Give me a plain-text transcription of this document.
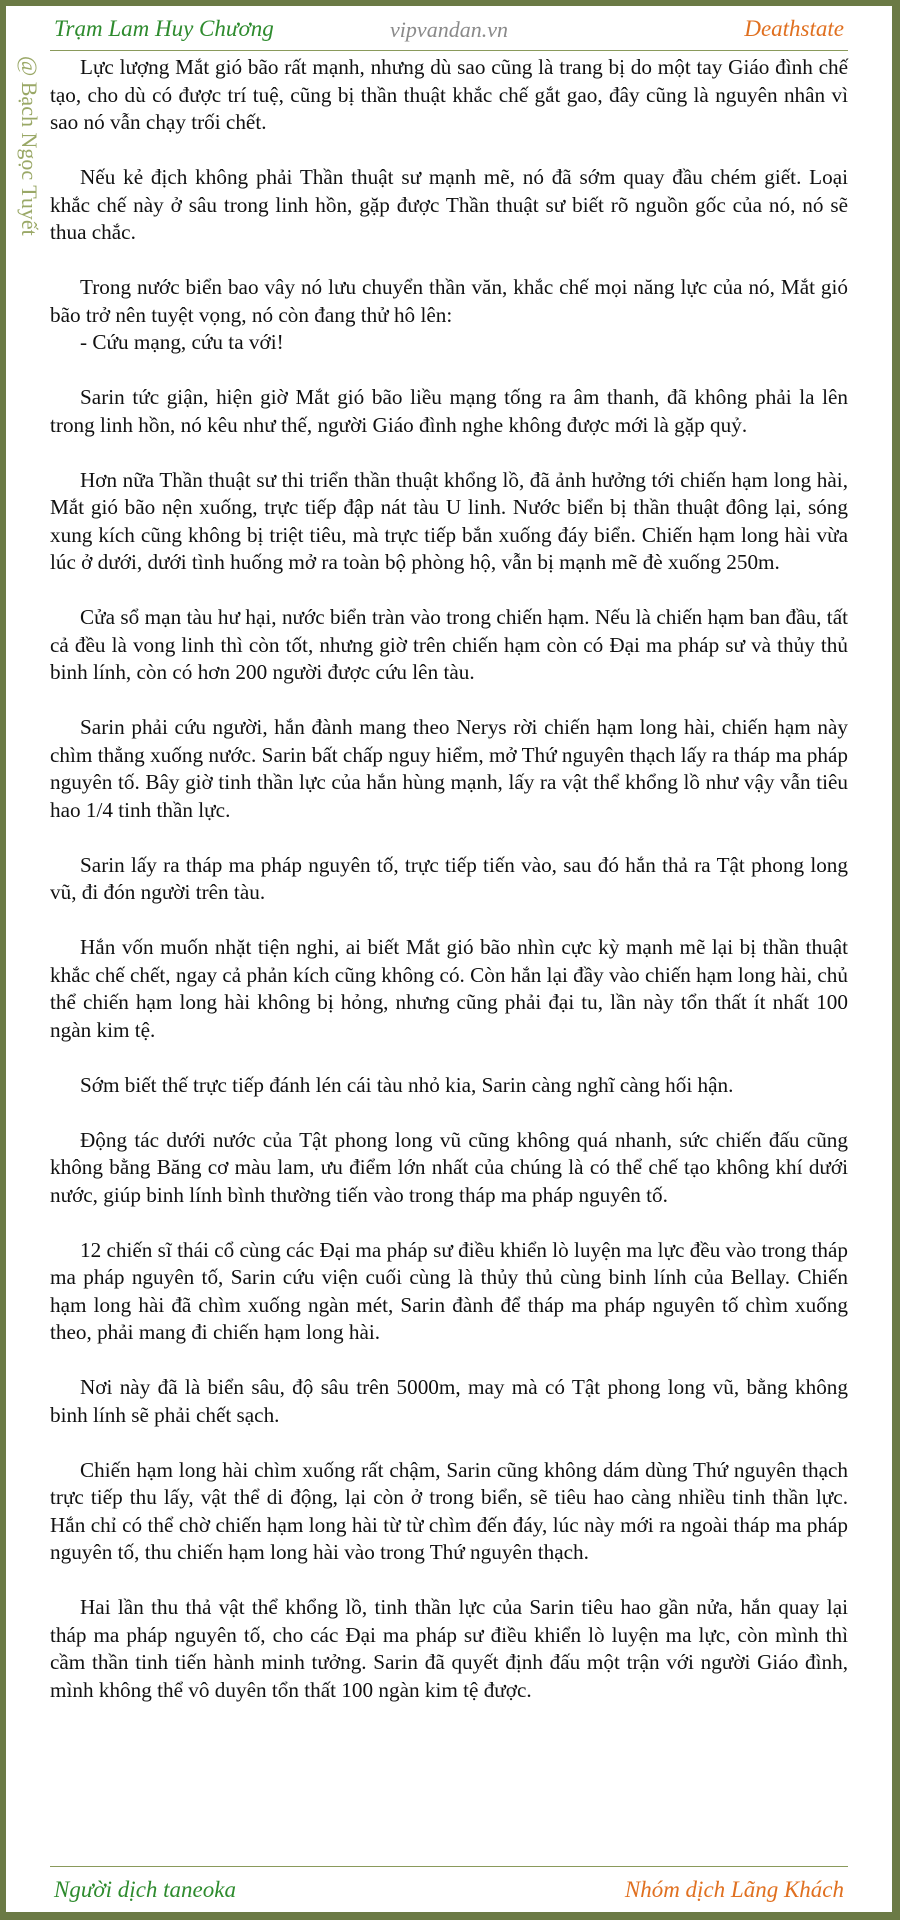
Trạm Lam Huy Chương	vipvandan.vn	Deathstate
@ Bạch Ngọc Tuyết	Lực lượng Mắt gió bão rất mạnh, nhưng dù sao cũng là trang bị do một tay Giáo đình chế tạo, cho dù có được trí tuệ, cũng bị thần thuật khắc chế gắt gao, đây cũng là nguyên nhân vì sao nó vẫn chạy trối chết.

Nếu kẻ địch không phải Thần thuật sư mạnh mẽ, nó đã sớm quay đầu chém giết. Loại khắc chế này ở sâu trong linh hồn, gặp được Thần thuật sư biết rõ nguồn gốc của nó, nó sẽ thua chắc.

Trong nước biển bao vây nó lưu chuyển thần văn, khắc chế mọi năng lực của nó, Mắt gió bão trở nên tuyệt vọng, nó còn đang thử hô lên:

- Cứu mạng, cứu ta với!

Sarin tức giận, hiện giờ Mắt gió bão liều mạng tống ra âm thanh, đã không phải la lên trong linh hồn, nó kêu như thế, người Giáo đình nghe không được mới là gặp quỷ.

Hơn nữa Thần thuật sư thi triển thần thuật khổng lồ, đã ảnh hưởng tới chiến hạm long hài, Mắt gió bão nện xuống, trực tiếp đập nát tàu U linh. Nước biển bị thần thuật đông lại, sóng xung kích cũng không bị triệt tiêu, mà trực tiếp bắn xuống đáy biển. Chiến hạm long hài vừa lúc ở dưới, dưới tình huống mở ra toàn bộ phòng hộ, vẫn bị mạnh mẽ đè xuống 250m.

Cửa sổ mạn tàu hư hại, nước biển tràn vào trong chiến hạm. Nếu là chiến hạm ban đầu, tất cả đều là vong linh thì còn tốt, nhưng giờ trên chiến hạm còn có Đại ma pháp sư và thủy thủ binh lính, còn có hơn 200 người được cứu lên tàu.

Sarin phải cứu người, hắn đành mang theo Nerys rời chiến hạm long hài, chiến hạm này chìm thẳng xuống nước. Sarin bất chấp nguy hiểm, mở Thứ nguyên thạch lấy ra tháp ma pháp nguyên tố. Bây giờ tinh thần lực của hắn hùng mạnh, lấy ra vật thể khổng lồ như vậy vẫn tiêu hao 1/4 tinh thần lực.

Sarin lấy ra tháp ma pháp nguyên tố, trực tiếp tiến vào, sau đó hắn thả ra Tật phong long vũ, đi đón người trên tàu.

Hắn vốn muốn nhặt tiện nghi, ai biết Mắt gió bão nhìn cực kỳ mạnh mẽ lại bị thần thuật khắc chế chết, ngay cả phản kích cũng không có. Còn hắn lại đầy vào chiến hạm long hài, chủ thể chiến hạm long hài không bị hỏng, nhưng cũng phải đại tu, lần này tổn thất ít nhất 100 ngàn kim tệ.

Sớm biết thế trực tiếp đánh lén cái tàu nhỏ kia, Sarin càng nghĩ càng hối hận.

Động tác dưới nước của Tật phong long vũ cũng không quá nhanh, sức chiến đấu cũng không bằng Băng cơ màu lam, ưu điểm lớn nhất của chúng là có thể chế tạo không khí dưới nước, giúp binh lính bình thường tiến vào trong tháp ma pháp nguyên tố.

12 chiến sĩ thái cổ cùng các Đại ma pháp sư điều khiển lò luyện ma lực đều vào trong tháp ma pháp nguyên tố, Sarin cứu viện cuối cùng là thủy thủ cùng binh lính của Bellay. Chiến hạm long hài đã chìm xuống ngàn mét, Sarin đành để tháp ma pháp nguyên tố chìm xuống theo, phải mang đi chiến hạm long hài.

Nơi này đã là biển sâu, độ sâu trên 5000m, may mà có Tật phong long vũ, bằng không binh lính sẽ phải chết sạch.

Chiến hạm long hài chìm xuống rất chậm, Sarin cũng không dám dùng Thứ nguyên thạch trực tiếp thu lấy, vật thể di động, lại còn ở trong biển, sẽ tiêu hao càng nhiều tinh thần lực. Hắn chỉ có thể chờ chiến hạm long hài từ từ chìm đến đáy, lúc này mới ra ngoài tháp ma pháp nguyên tố, thu chiến hạm long hài vào trong Thứ nguyên thạch.

Hai lần thu thả vật thể khổng lồ, tinh thần lực của Sarin tiêu hao gần nửa, hắn quay lại tháp ma pháp nguyên tố, cho các Đại ma pháp sư điều khiển lò luyện ma lực, còn mình thì cầm thần tinh tiến hành minh tưởng. Sarin đã quyết định đấu một trận với người Giáo đình, mình không thể vô duyên tổn thất 100 ngàn kim tệ được.

Người dịch taneoka	Nhóm dịch Lãng Khách
